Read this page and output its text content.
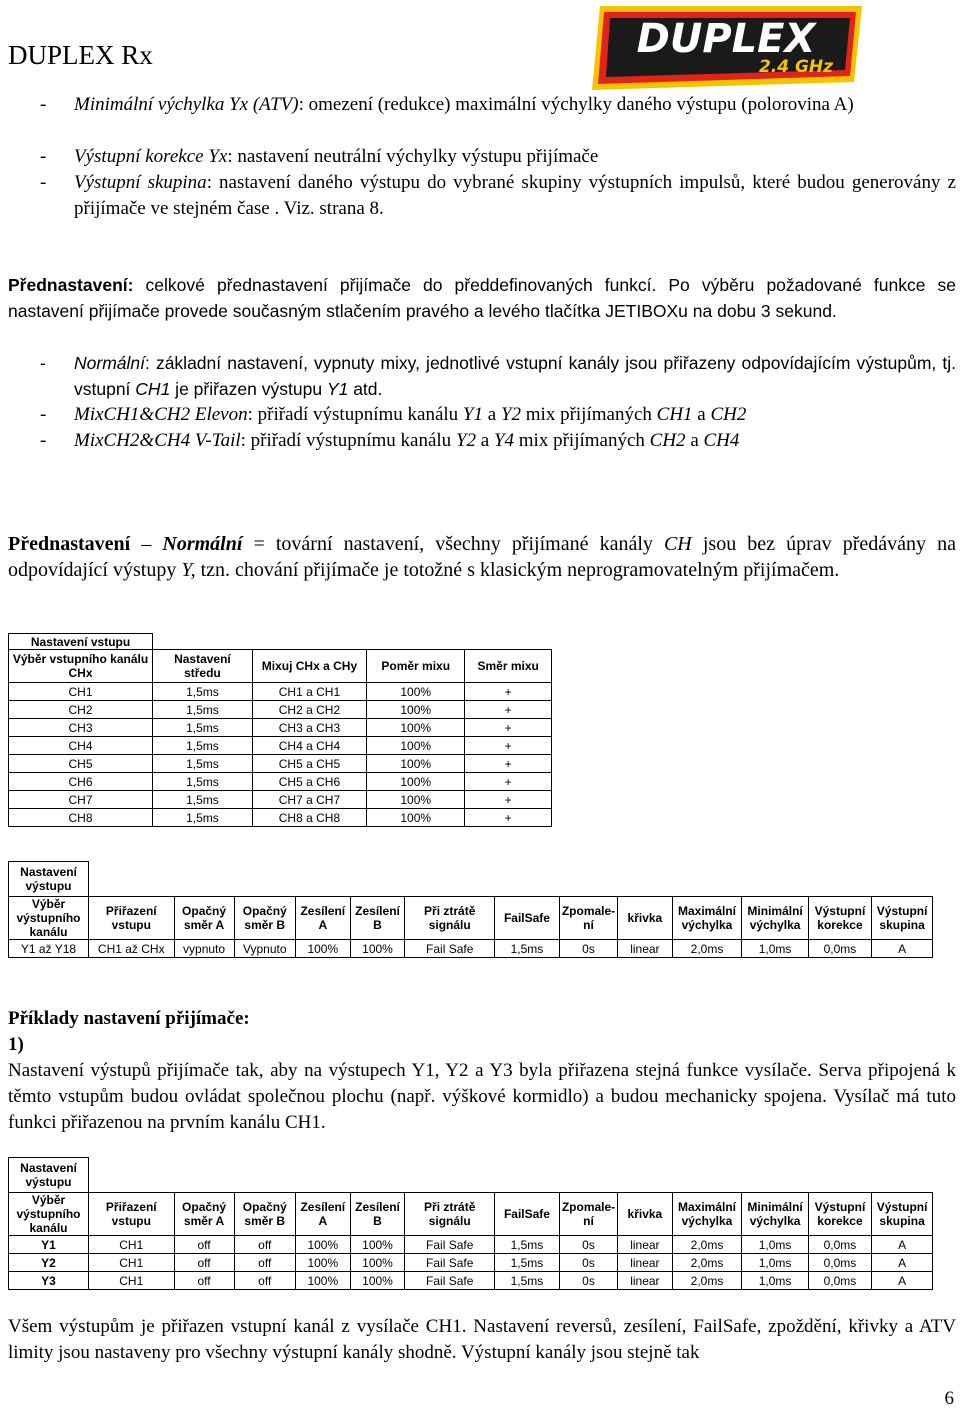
DUPLEX Rx	DUPLEX
2.4 GHz
- Minimální výchylka Yx (ATV): omezení (redukce) maximální výchylky daného výstupu (polorovina A)
- Výstupní korekce Yx: nastavení neutrální výchylky výstupu přijímače
- Výstupní skupina: nastavení daného výstupu do vybrané skupiny výstupních impulsů, které budou generovány z přijímače ve stejném čase . Viz. strana 8.
Přednastavení: celkové přednastavení přijímače do předdefinovaných funkcí. Po výběru požadované funkce se nastavení přijímače provede současným stlačením pravého a levého tlačítka JETIBOXu na dobu 3 sekund.
- Normální: základní nastavení, vypnuty mixy, jednotlivé vstupní kanály jsou přiřazeny odpovídajícím výstupům, tj. vstupní CH1 je přiřazen výstupu Y1 atd.
- MixCH1&CH2 Elevon: přiřadí výstupnímu kanálu Y1 a Y2 mix přijímaných CH1 a CH2
- MixCH2&CH4 V-Tail: přiřadí výstupnímu kanálu Y2 a Y4 mix přijímaných CH2 a CH4
Přednastavení – Normální = tovární nastavení, všechny přijímané kanály CH jsou bez úprav předávány na odpovídající výstupy Y, tzn. chování přijímače je totožné s klasickým neprogramovatelným přijímačem.
Nastavení vstupu				
Výběr vstupního kanálu CHx	Nastavení středu	Mixuj CHx a CHy	Poměr mixu	Směr mixu
CH1	1,5ms	CH1 a CH1	100%	+
CH2	1,5ms	CH2 a CH2	100%	+
CH3	1,5ms	CH3 a CH3	100%	+
CH4	1,5ms	CH4 a CH4	100%	+
CH5	1,5ms	CH5 a CH5	100%	+
CH6	1,5ms	CH5 a CH6	100%	+
CH7	1,5ms	CH7 a CH7	100%	+
CH8	1,5ms	CH8 a CH8	100%	+
Nastavení výstupu													
Výběr výstupního kanálu	Přiřazení vstupu	Opačný směr A	Opačný směr B	Zesílení A	Zesílení B	Při ztrátě signálu	FailSafe	Zpomale-ní	křivka	Maximální výchylka	Minimální výchylka	Výstupní korekce	Výstupní skupina
Y1 až Y18	CH1 až CHx	vypnuto	Vypnuto	100%	100%	Fail Safe	1,5ms	0s	linear	2,0ms	1,0ms	0,0ms	A
Příklady nastavení přijímače:
1)
Nastavení výstupů přijímače tak, aby na výstupech Y1, Y2 a Y3 byla přiřazena stejná funkce vysílače. Serva připojená k těmto vstupům budou ovládat společnou plochu (např. výškové kormidlo) a budou mechanicky spojena. Vysílač má tuto funkci přiřazenou na prvním kanálu CH1.
Nastavení výstupu													
Výběr výstupního kanálu	Přiřazení vstupu	Opačný směr A	Opačný směr B	Zesílení A	Zesílení B	Při ztrátě signálu	FailSafe	Zpomale-ní	křivka	Maximální výchylka	Minimální výchylka	Výstupní korekce	Výstupní skupina
Y1	CH1	off	off	100%	100%	Fail Safe	1,5ms	0s	linear	2,0ms	1,0ms	0,0ms	A
Y2	CH1	off	off	100%	100%	Fail Safe	1,5ms	0s	linear	2,0ms	1,0ms	0,0ms	A
Y3	CH1	off	off	100%	100%	Fail Safe	1,5ms	0s	linear	2,0ms	1,0ms	0,0ms	A
Všem výstupům je přiřazen vstupní kanál z vysílače CH1. Nastavení reversů, zesílení, FailSafe, zpoždění, křivky a ATV limity jsou nastaveny pro všechny výstupní kanály shodně. Výstupní kanály jsou stejně tak
6
